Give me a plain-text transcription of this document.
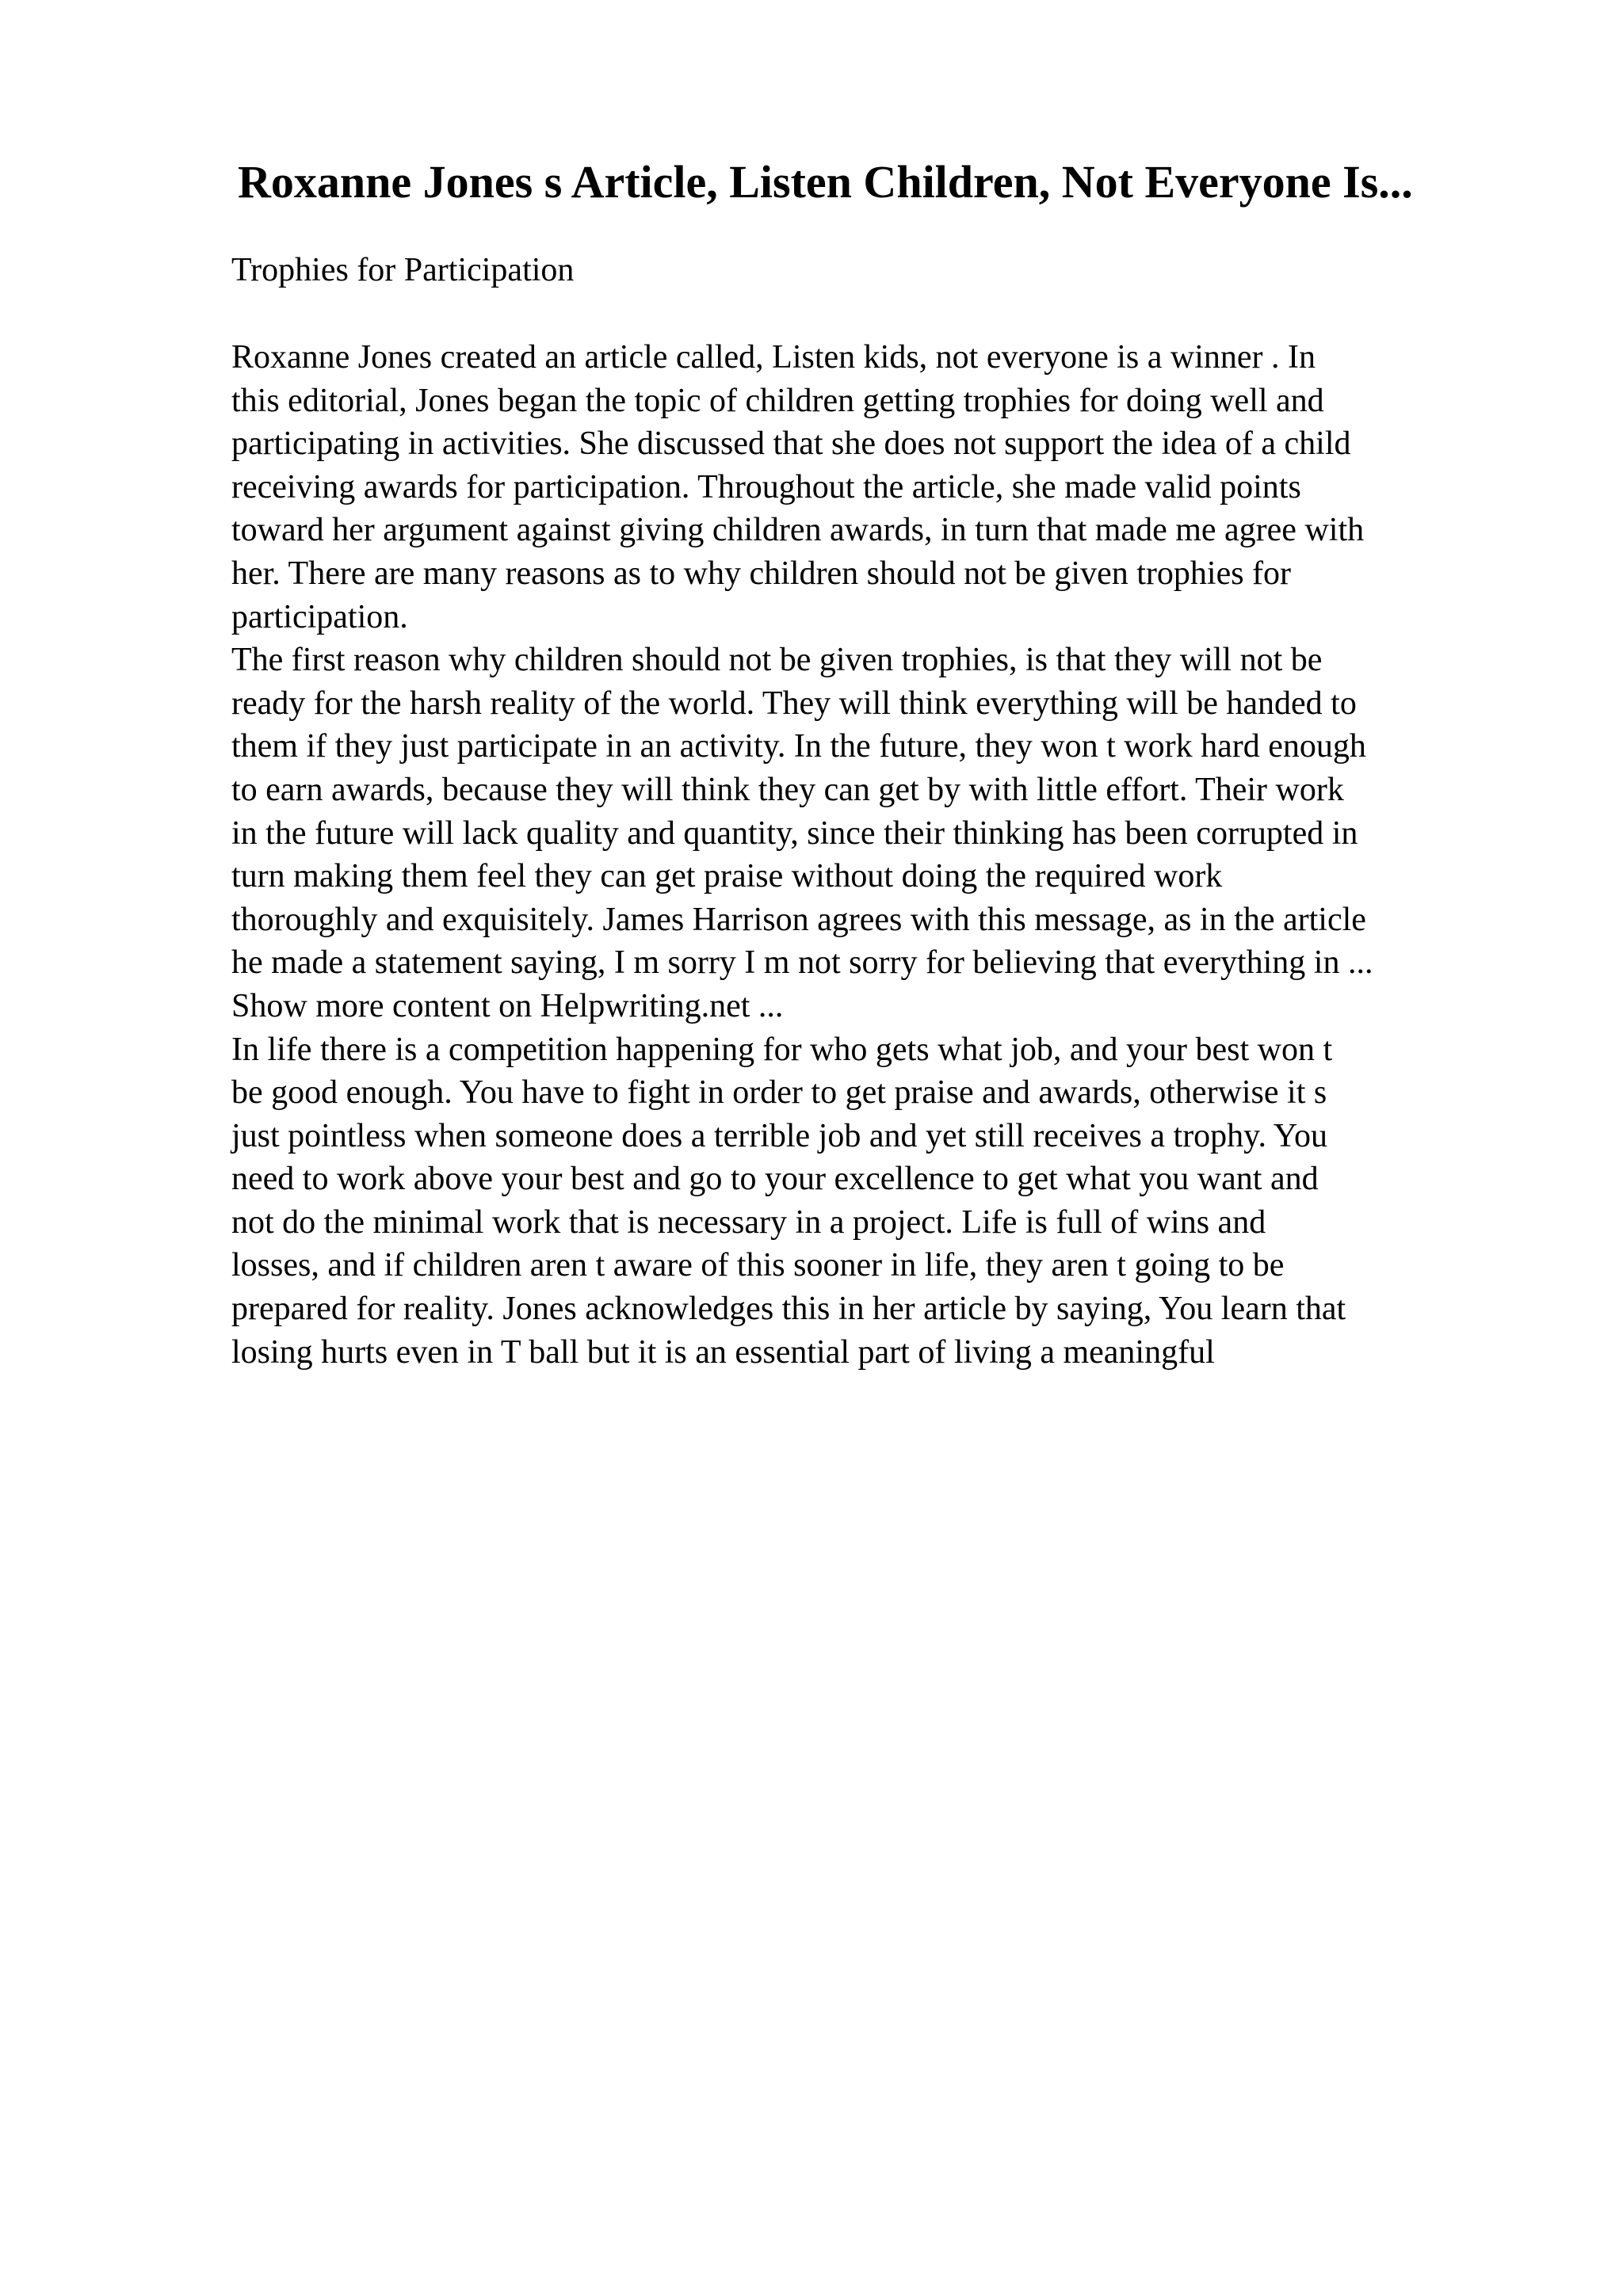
Roxanne Jones s Article, Listen Children, Not Everyone Is...

Trophies for Participation

Roxanne Jones created an article called, Listen kids, not everyone is a winner . In
this editorial, Jones began the topic of children getting trophies for doing well and
participating in activities. She discussed that she does not support the idea of a child
receiving awards for participation. Throughout the article, she made valid points
toward her argument against giving children awards, in turn that made me agree with
her. There are many reasons as to why children should not be given trophies for
participation.
The first reason why children should not be given trophies, is that they will not be
ready for the harsh reality of the world. They will think everything will be handed to
them if they just participate in an activity. In the future, they won t work hard enough
to earn awards, because they will think they can get by with little effort. Their work
in the future will lack quality and quantity, since their thinking has been corrupted in
turn making them feel they can get praise without doing the required work
thoroughly and exquisitely. James Harrison agrees with this message, as in the article
he made a statement saying, I m sorry I m not sorry for believing that everything in ...
Show more content on Helpwriting.net ...
In life there is a competition happening for who gets what job, and your best won t
be good enough. You have to fight in order to get praise and awards, otherwise it s
just pointless when someone does a terrible job and yet still receives a trophy. You
need to work above your best and go to your excellence to get what you want and
not do the minimal work that is necessary in a project. Life is full of wins and
losses, and if children aren t aware of this sooner in life, they aren t going to be
prepared for reality. Jones acknowledges this in her article by saying, You learn that
losing hurts even in T ball but it is an essential part of living a meaningful
